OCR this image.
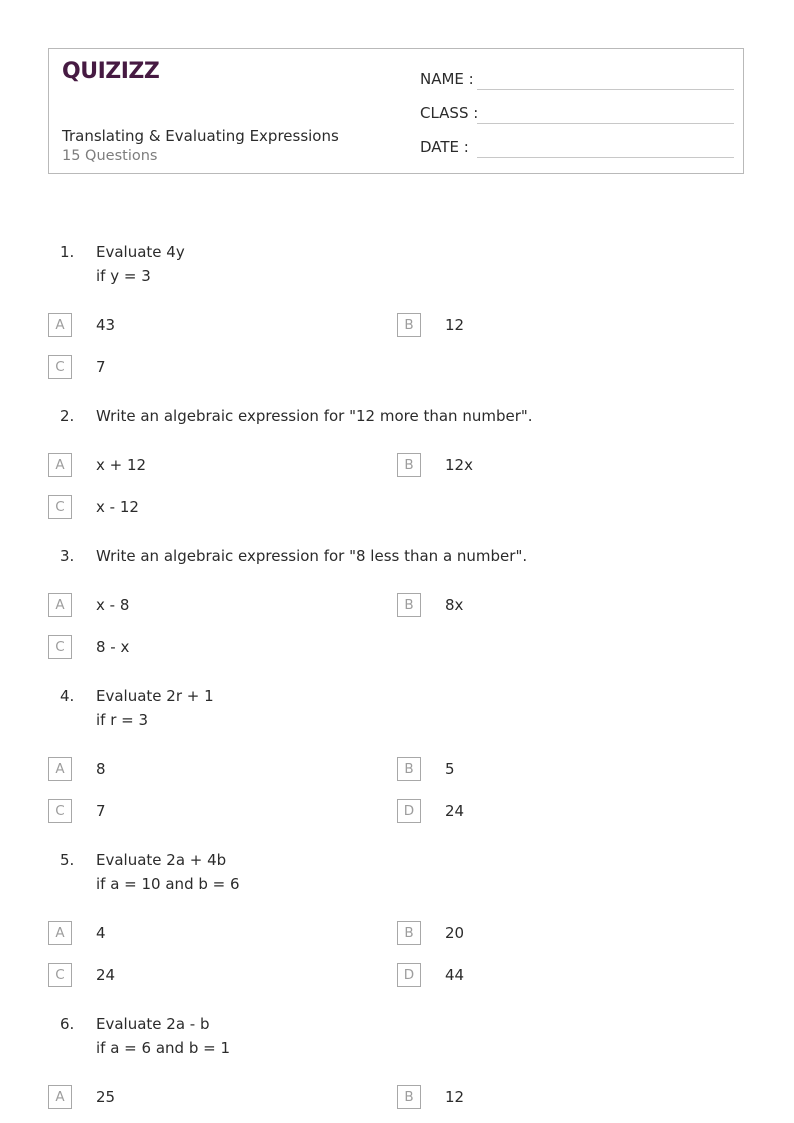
QUIZIZZ
Translating & Evaluating Expressions
15 Questions
NAME :
CLASS :
DATE :
1. Evaluate 4y
if y = 3
A	43	B	12
C	7
2. Write an algebraic expression for "12 more than number".
A	x + 12	B	12x
C	x - 12
3. Write an algebraic expression for "8 less than a number".
A	x - 8	B	8x
C	8 - x
4. Evaluate 2r + 1
if r = 3
A	8	B	5
C	7	D	24
5. Evaluate 2a + 4b
if a = 10 and b = 6
A	4	B	20
C	24	D	44
6. Evaluate 2a - b
if a = 6 and b = 1
A	25	B	12
